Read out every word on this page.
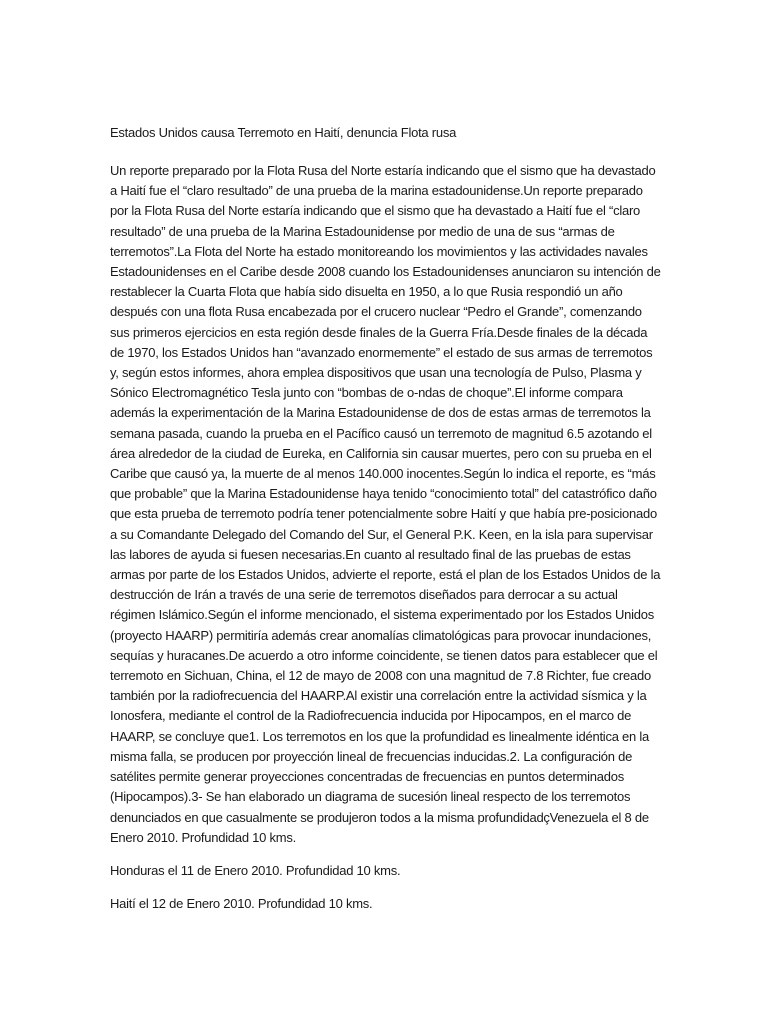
Estados Unidos causa Terremoto en Haití, denuncia Flota rusa

Un reporte preparado por la Flota Rusa del Norte estaría indicando que el sismo que ha devastado a Haití fue el “claro resultado” de una prueba de la marina estadounidense.Un reporte preparado por la Flota Rusa del Norte estaría indicando que el sismo que ha devastado a Haití fue el “claro resultado” de una prueba de la Marina Estadounidense por medio de una de sus “armas de terremotos”.La Flota del Norte ha estado monitoreando los movimientos y las actividades navales Estadounidenses en el Caribe desde 2008 cuando los Estadounidenses anunciaron su intención de restablecer la Cuarta Flota que había sido disuelta en 1950, a lo que Rusia respondió un año después con una flota Rusa encabezada por el crucero nuclear “Pedro el Grande”, comenzando sus primeros ejercicios en esta región desde finales de la Guerra Fría.Desde finales de la década de 1970, los Estados Unidos han “avanzado enormemente” el estado de sus armas de terremotos y, según estos informes, ahora emplea dispositivos que usan una tecnología de Pulso, Plasma y Sónico Electromagnético Tesla junto con “bombas de o-ndas de choque”.El informe compara además la experimentación de la Marina Estadounidense de dos de estas armas de terremotos la semana pasada, cuando la prueba en el Pacífico causó un terremoto de magnitud 6.5 azotando el área alrededor de la ciudad de Eureka, en California sin causar muertes, pero con su prueba en el Caribe que causó ya, la muerte de al menos 140.000 inocentes.Según lo indica el reporte, es “más que probable” que la Marina Estadounidense haya tenido “conocimiento total” del catastrófico daño que esta prueba de terremoto podría tener potencialmente sobre Haití y que había pre-posicionado a su Comandante Delegado del Comando del Sur, el General P.K. Keen, en la isla para supervisar las labores de ayuda si fuesen necesarias.En cuanto al resultado final de las pruebas de estas armas por parte de los Estados Unidos, advierte el reporte, está el plan de los Estados Unidos de la destrucción de Irán a través de una serie de terremotos diseñados para derrocar a su actual régimen Islámico.Según el informe mencionado, el sistema experimentado por los Estados Unidos (proyecto HAARP) permitiría además crear anomalías climatológicas para provocar inundaciones, sequías y huracanes.De acuerdo a otro informe coincidente, se tienen datos para establecer que el terremoto en Sichuan, China, el 12 de mayo de 2008 con una magnitud de 7.8 Richter, fue creado también por la radiofrecuencia del HAARP.Al existir una correlación entre la actividad sísmica y la Ionosfera, mediante el control de la Radiofrecuencia inducida por Hipocampos, en el marco de HAARP, se concluye que1. Los terremotos en los que la profundidad es linealmente idéntica en la misma falla, se producen por proyección lineal de frecuencias inducidas.2. La configuración de satélites permite generar proyecciones concentradas de frecuencias en puntos determinados (Hipocampos).3- Se han elaborado un diagrama de sucesión lineal respecto de los terremotos denunciados en que casualmente se produjeron todos a la misma profundidadçVenezuela el 8 de Enero 2010. Profundidad 10 kms.

Honduras el 11 de Enero 2010. Profundidad 10 kms.

Haití el 12 de Enero 2010. Profundidad 10 kms.
